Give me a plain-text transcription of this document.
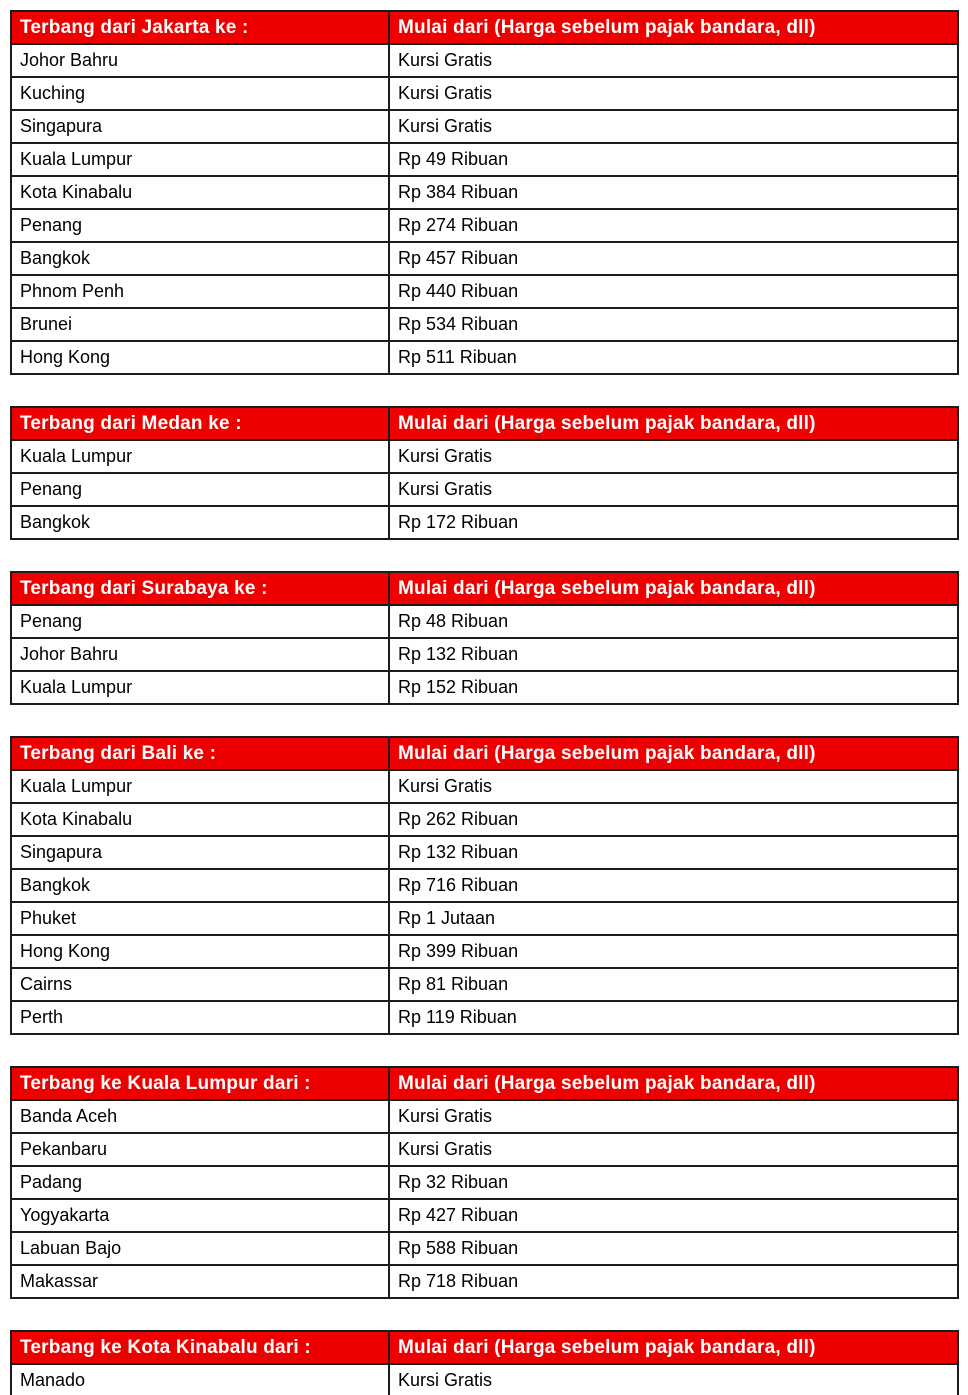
Terbang dari Jakarta ke :	Mulai dari (Harga sebelum pajak bandara, dll)
Johor Bahru	Kursi Gratis
Kuching	Kursi Gratis
Singapura	Kursi Gratis
Kuala Lumpur	Rp 49 Ribuan
Kota Kinabalu	Rp 384 Ribuan
Penang	Rp 274 Ribuan
Bangkok	Rp 457 Ribuan
Phnom Penh	Rp 440 Ribuan
Brunei	Rp 534 Ribuan
Hong Kong	Rp 511 Ribuan
Terbang dari Medan ke :	Mulai dari (Harga sebelum pajak bandara, dll)
Kuala Lumpur	Kursi Gratis
Penang	Kursi Gratis
Bangkok	Rp 172 Ribuan
Terbang dari Surabaya ke :	Mulai dari (Harga sebelum pajak bandara, dll)
Penang	Rp 48 Ribuan
Johor Bahru	Rp 132 Ribuan
Kuala Lumpur	Rp 152 Ribuan
Terbang dari Bali ke :	Mulai dari (Harga sebelum pajak bandara, dll)
Kuala Lumpur	Kursi Gratis
Kota Kinabalu	Rp 262 Ribuan
Singapura	Rp 132 Ribuan
Bangkok	Rp 716 Ribuan
Phuket	Rp 1 Jutaan
Hong Kong	Rp 399 Ribuan
Cairns	Rp 81 Ribuan
Perth	Rp 119 Ribuan
Terbang ke Kuala Lumpur dari :	Mulai dari (Harga sebelum pajak bandara, dll)
Banda Aceh	Kursi Gratis
Pekanbaru	Kursi Gratis
Padang	Rp 32 Ribuan
Yogyakarta	Rp 427 Ribuan
Labuan Bajo	Rp 588 Ribuan
Makassar	Rp 718 Ribuan
Terbang ke Kota Kinabalu dari :	Mulai dari (Harga sebelum pajak bandara, dll)
Manado	Kursi Gratis
